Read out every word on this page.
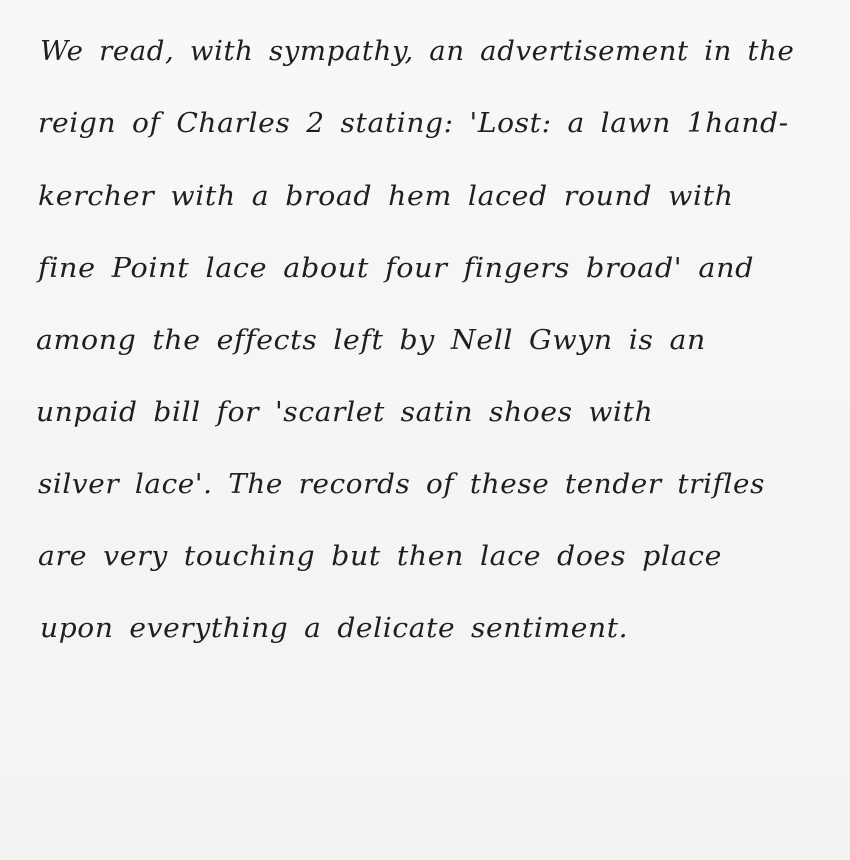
We read, with sympathy, an advertisement in the
reign of Charles 2 stating: 'Lost: a lawn 1hand-
kercher with a broad hem laced round with
fine Point lace about four fingers broad' and
among the effects left by Nell Gwyn is an
unpaid bill for 'scarlet satin shoes with
silver lace'. The records of these tender trifles
are very touching but then lace does place
upon everything a delicate sentiment.
